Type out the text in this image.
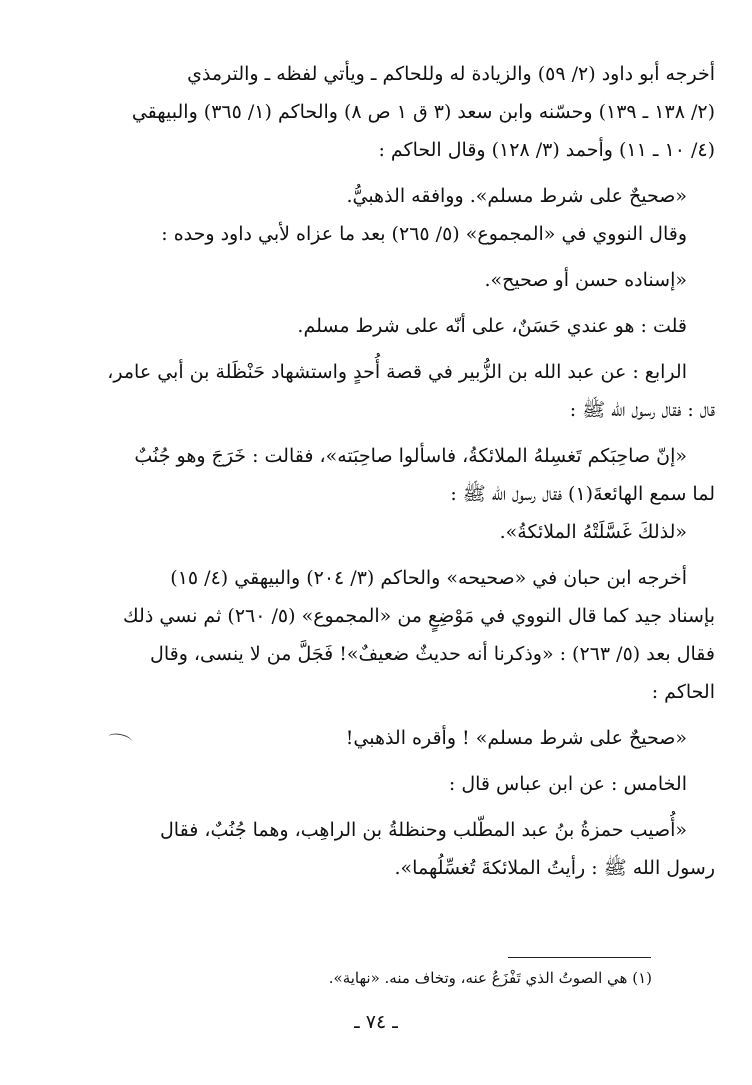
أخرجه أبو داود (٢/ ٥٩) والزيادة له وللحاكم ـ ويأتي لفظه ـ والترمذي
(٢/ ١٣٨ ـ ١٣٩) وحسّنه وابن سعد (٣ ق ١ ص ٨) والحاكم (١/ ٣٦٥) والبيهقي
(٤/ ١٠ ـ ١١) وأحمد (٣/ ١٢٨) وقال الحاكم :
«صحيحٌ على شرط مسلم». ووافقه الذهبيُّ.
وقال النووي في «المجموع» (٥/ ٢٦٥) بعد ما عزاه لأبي داود وحده :
«إسناده حسن أو صحيح».
قلت : هو عندي حَسَنٌ، على أنّه على شرط مسلم.
الرابع : عن عبد الله بن الزُّبير في قصة أُحدٍ واستشهاد حَنْظَلة بن أبي عامر،
قال : فقال رسول الله ﷺ :
«إنّ صاحِبَكم تَغسِلهُ الملائكةُ، فاسألوا صاحِبَته»، فقالت : خَرَجَ وهو جُنُبٌ
لما سمع الهائعةَ(١) فقال رسول الله ﷺ :
«لذلكَ غَسَّلَتْهُ الملائكةُ».
أخرجه ابن حبان في «صحيحه» والحاكم (٣/ ٢٠٤) والبيهقي (٤/ ١٥)
بإسناد جيد كما قال النووي في مَوْضِعٍ من «المجموع» (٥/ ٢٦٠) ثم نسي ذلك
فقال بعد (٥/ ٢٦٣) : «وذكرنا أنه حديثٌ ضعيفٌ»! فَجَلَّ من لا ينسى، وقال
الحاكم :
«صحيحٌ على شرط مسلم» ! وأقره الذهبي!
الخامس : عن ابن عباس قال :
«أُصيب حمزةُ بنُ عبد المطّلب وحنظلةُ بن الراهِب، وهما جُنُبٌ، فقال
رسول الله ﷺ : رأيتُ الملائكةَ تُغسِّلُهما».
(١) هي الصوتُ الذي تَفْزَعُ عنه، وتخاف منه. «نهاية».
ـ ٧٤ ـ
